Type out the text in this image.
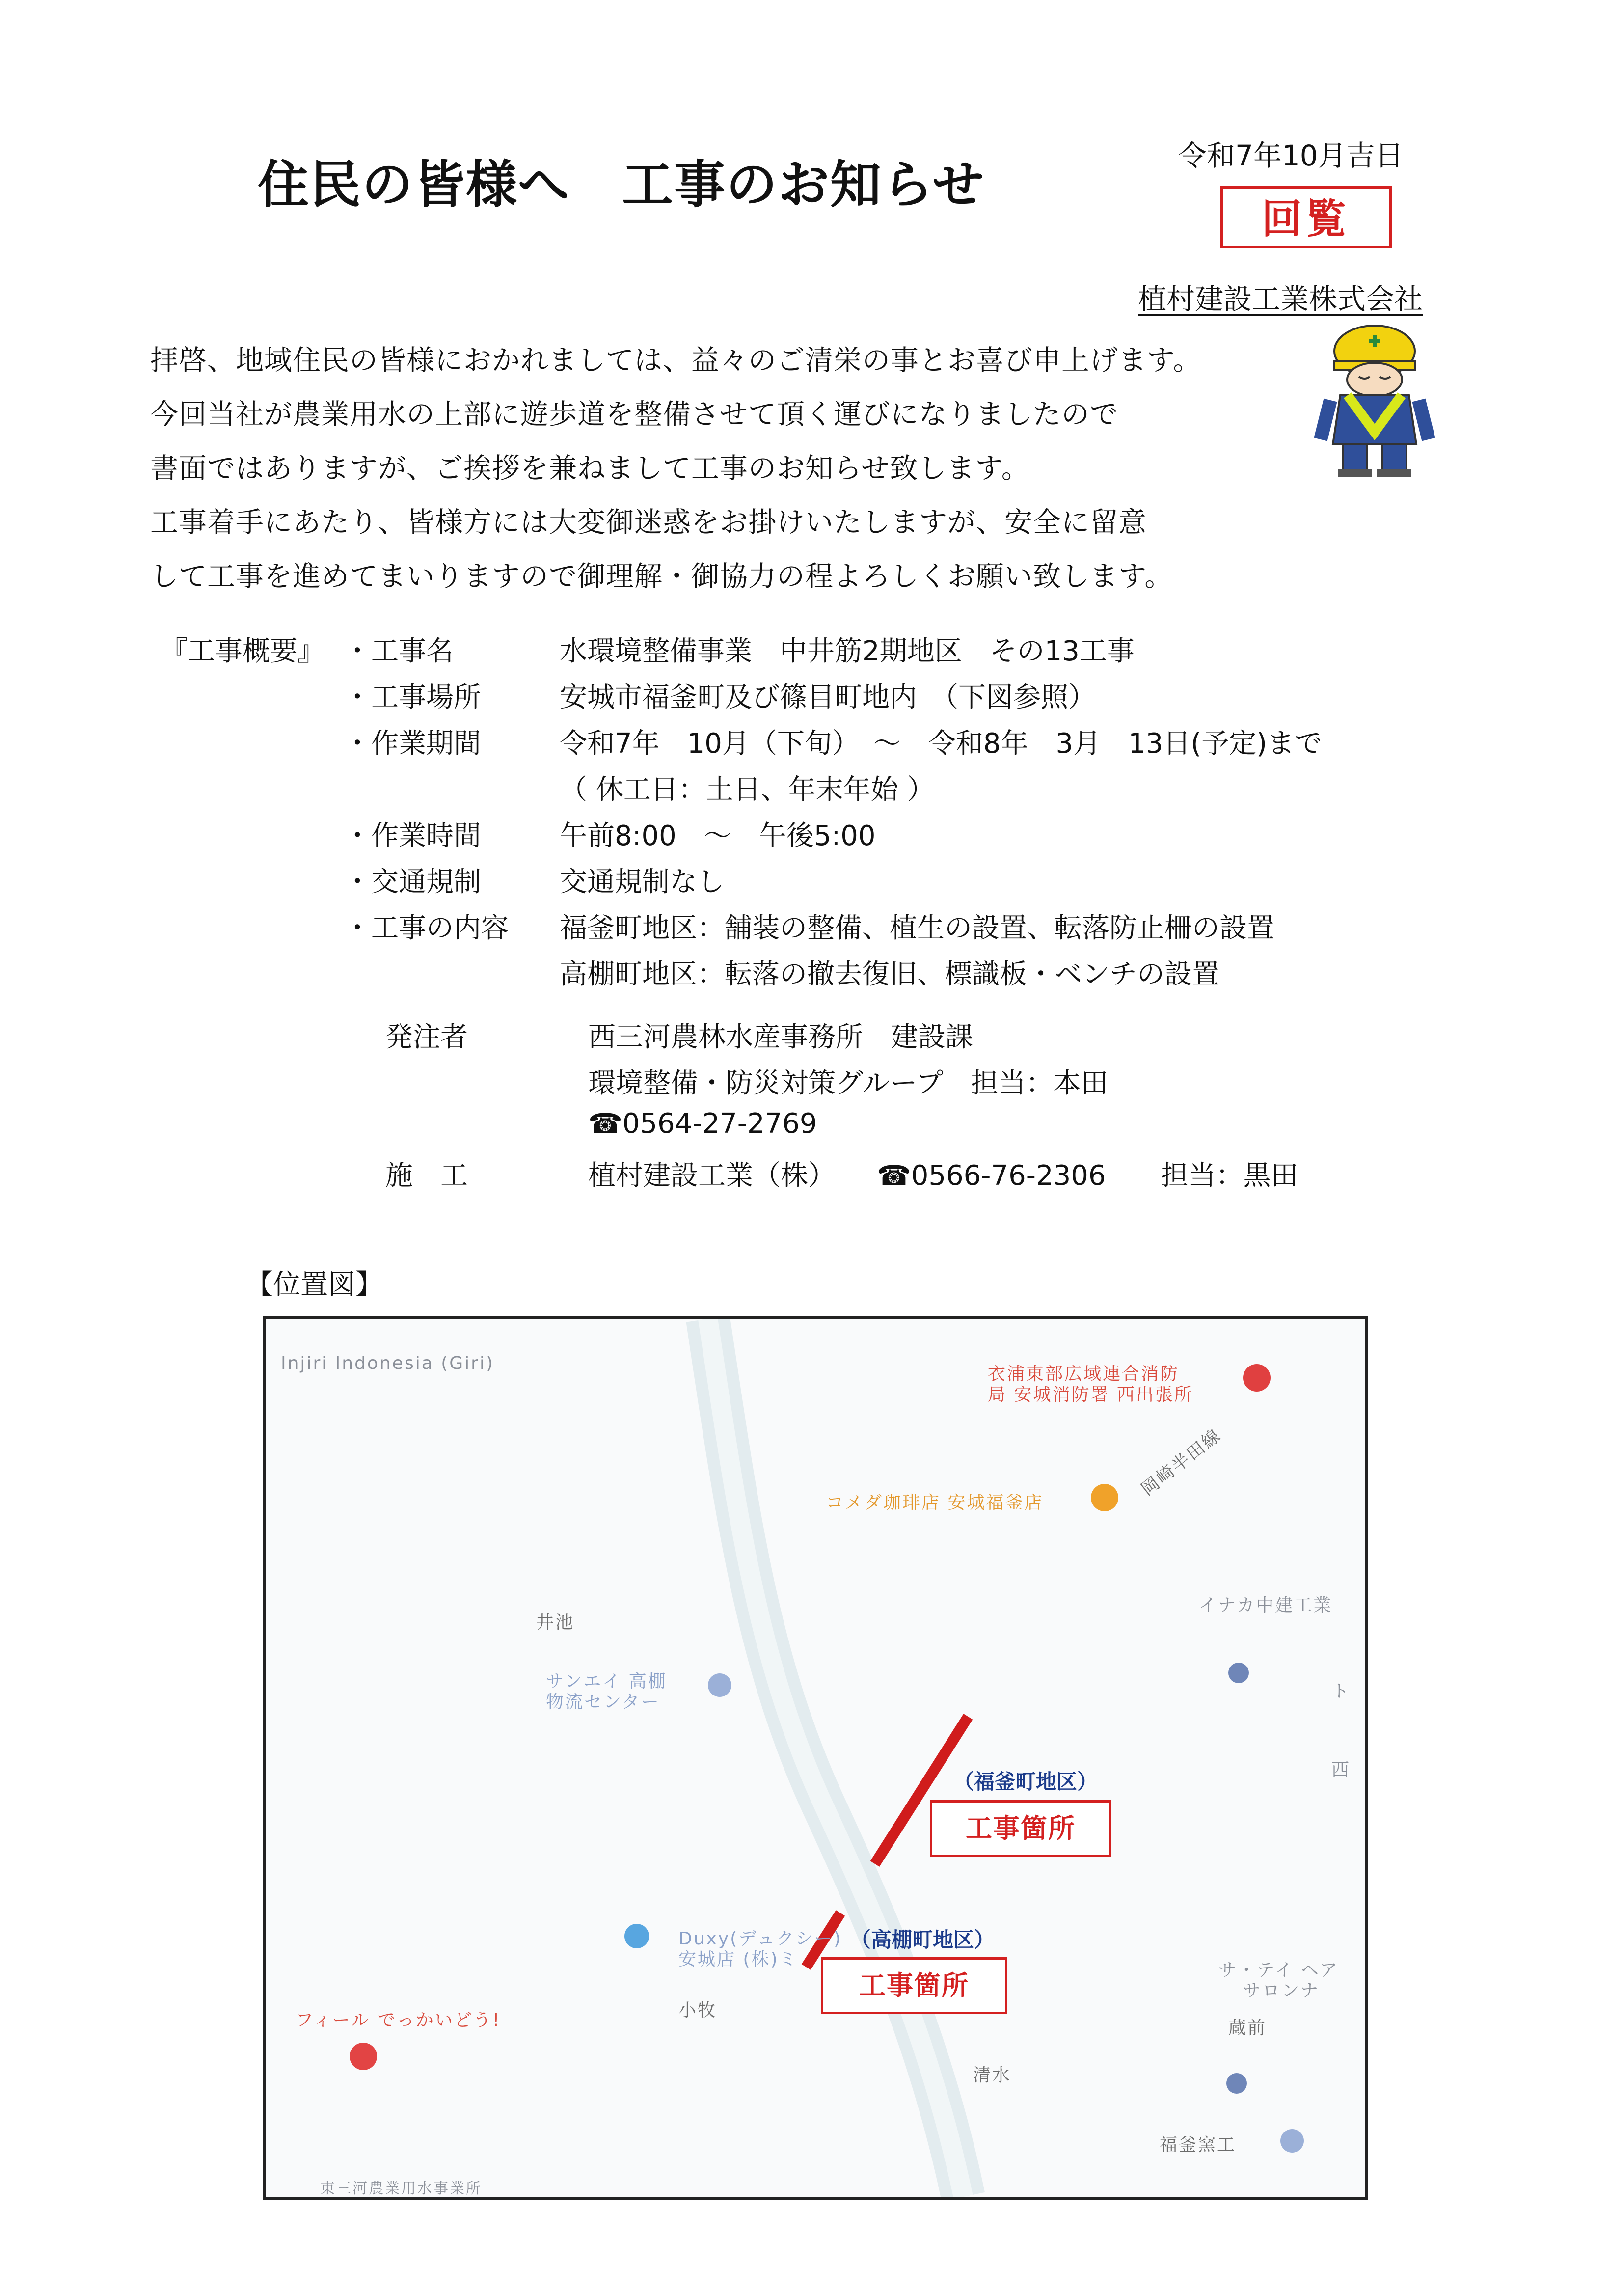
住民の皆様へ　工事のお知らせ	令和7年10月吉日
回覧
植村建設工業株式会社
拝啓、地域住民の皆様におかれましては、益々のご清栄の事とお喜び申上げます。
今回当社が農業用水の上部に遊歩道を整備させて頂く運びになりましたので
書面ではありますが、ご挨拶を兼ねまして工事のお知らせ致します。
工事着手にあたり、皆様方には大変御迷惑をお掛けいたしますが、安全に留意
して工事を進めてまいりますので御理解・御協力の程よろしくお願い致します。
『工事概要』 ・工事名	水環境整備事業　中井筋2期地区　その13工事
・工事場所	安城市福釜町及び篠目町地内　（下図参照）
・作業期間	令和7年　10月（下旬）　～　令和8年　3月　13日(予定)まで
（ 休工日：土日、年末年始 ）
・作業時間	午前8:00　～　午後5:00
・交通規制	交通規制なし
・工事の内容 福釜町地区：舗装の整備、植生の設置、転落防止柵の設置
高棚町地区：転落の撤去復旧、標識板・ベンチの設置
発注者	西三河農林水産事務所　建設課
環境整備・防災対策グループ　担当：本田
☎0564-27-2769
施　工	植村建設工業（株）　　☎0566-76-2306　　担当：黒田
【位置図】
Injiri Indonesia (Giri)
衣浦東部広域連合消防
局 安城消防署 西出張所
コメダ珈琲店 安城福釜店
岡崎半田線
井池
イナカ中建工業
サンエイ 高棚
物流センター
ト
西
（福釜町地区）
工事箇所
Duxy(デュクシー)
安城店 (株)ミ
（高棚町地区）
工事箇所
小牧
フィール でっかいどう!
サ・テイ ヘア
サロンナ
蔵前
清水
福釜窯工
東三河農業用水事業所
